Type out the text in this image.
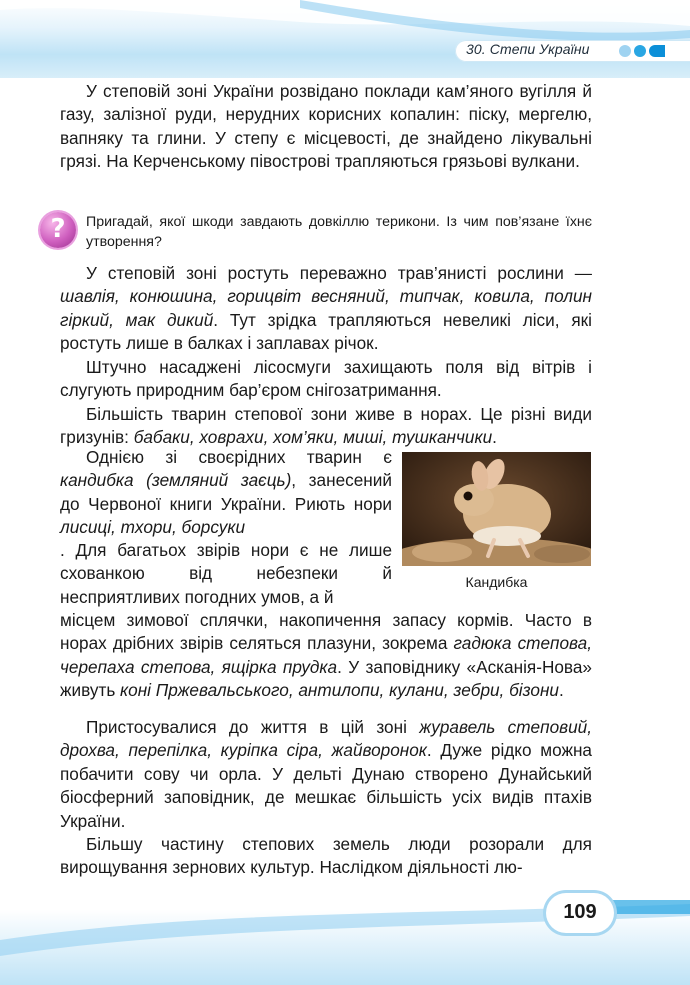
30. Степи України

У степовій зоні України розвідано поклади кам’яного вугілля й газу, залізної руди, нерудних корисних копалин: піску, мергелю, вапняку та глини. У степу є місцевості, де знайдено лікувальні грязі. На Керченському півострові трапляються грязьові вулкани.

?	Пригадай, якої шкоди завдають довкіллю терикони. Із чим пов’язане їхнє утворення?

У степовій зоні ростуть переважно трав’янисті рослини — шавлія, конюшина, горицвіт весняний, типчак, ковила, полин гіркий, мак дикий. Тут зрідка трапляються невеликі ліси, які ростуть лише в балках і заплавах річок.

Штучно насаджені лісосмуги захищають поля від вітрів і слугують природним бар’єром снігозатримання.

Більшість тварин степової зони живе в норах. Це різні види гризунів: бабаки, ховрахи, хом’яки, миші, тушканчики.

Кандибка

Однією зі своєрідних тварин є кандибка (земляний заєць), занесений до Червоної книги України. Риють нори лисиці, тхори, борсуки

. Для багатьох звірів нори є не лише схованкою від небезпеки й несприятливих погодних умов, а й

місцем зимової сплячки, накопичення запасу кормів. Часто в норах дрібних звірів селяться плазуни, зокрема гадюка степова, черепаха степова, ящірка прудка. У заповіднику «Асканія-Нова» живуть коні Пржевальського, антилопи, кулани, зебри, бізони.

Пристосувалися до життя в цій зоні журавель степовий, дрохва, перепілка, куріпка сіра, жайворонок. Дуже рідко можна побачити сову чи орла. У дельті Дунаю створено Дунайський біосферний заповідник, де мешкає більшість усіх видів птахів України.

Більшу частину степових земель люди розорали для вирощування зернових культур. Наслідком діяльності лю-

109
